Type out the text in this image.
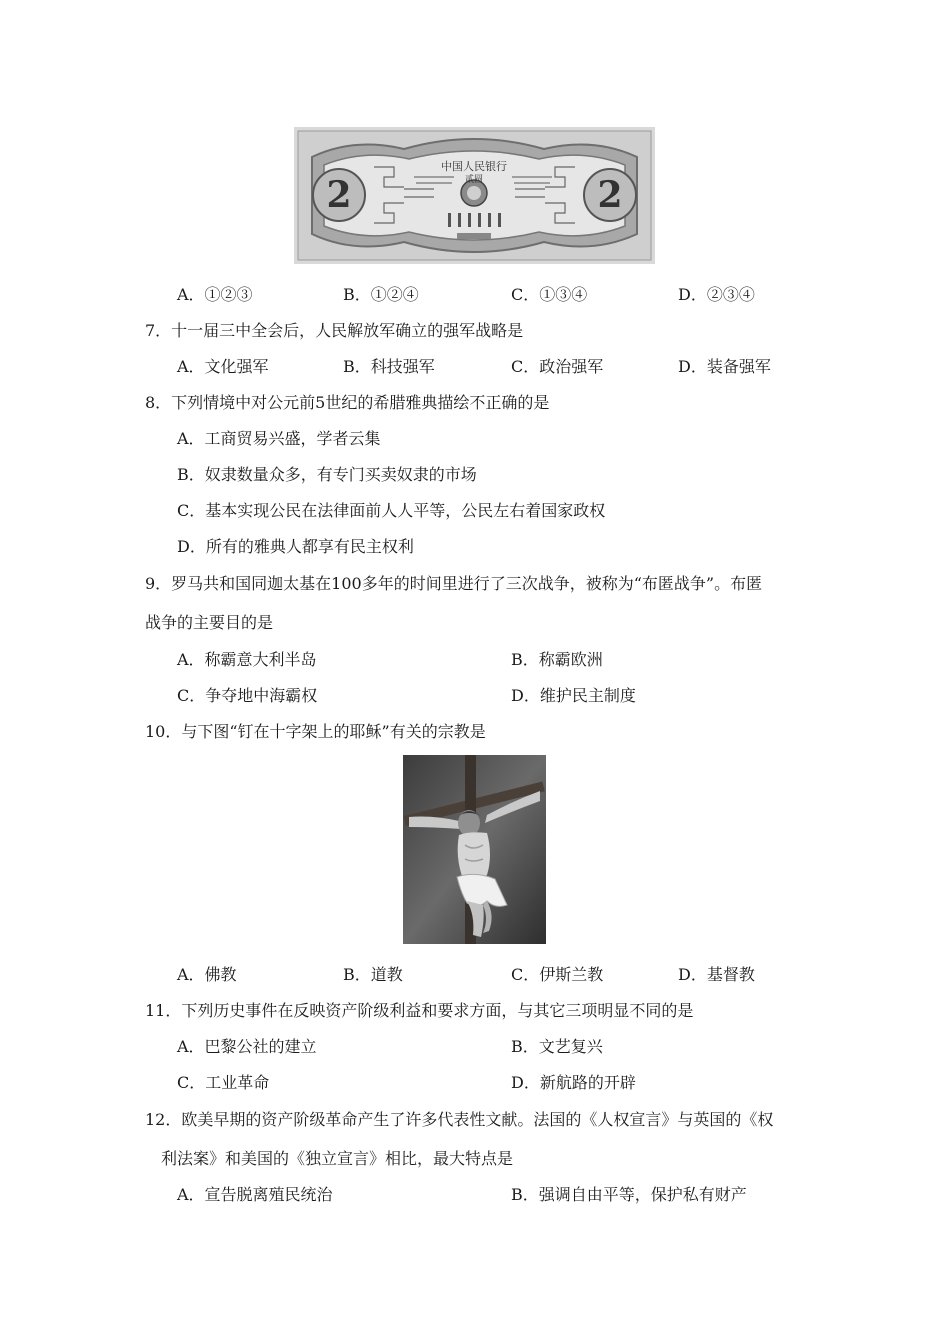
2	2
中国人民银行
贰圆
A．①②③	B．①②④	C．①③④	D．②③④
7．十一届三中全会后，人民解放军确立的强军战略是
A．文化强军	B．科技强军	C．政治强军	D．装备强军
8．下列情境中对公元前5世纪的希腊雅典描绘不正确的是
A．工商贸易兴盛，学者云集
B．奴隶数量众多，有专门买卖奴隶的市场
C．基本实现公民在法律面前人人平等，公民左右着国家政权
D．所有的雅典人都享有民主权利
9．罗马共和国同迦太基在100多年的时间里进行了三次战争，被称为“布匿战争”。布匿
战争的主要目的是
A．称霸意大利半岛	B．称霸欧洲
C．争夺地中海霸权	D．维护民主制度
10．与下图“钉在十字架上的耶稣”有关的宗教是
A．佛教	B．道教	C．伊斯兰教	D．基督教
11．下列历史事件在反映资产阶级利益和要求方面，与其它三项明显不同的是
A．巴黎公社的建立	B．文艺复兴
C．工业革命	D．新航路的开辟
12．欧美早期的资产阶级革命产生了许多代表性文献。法国的《人权宣言》与英国的《权
利法案》和美国的《独立宣言》相比，最大特点是
A．宣告脱离殖民统治	B．强调自由平等，保护私有财产
